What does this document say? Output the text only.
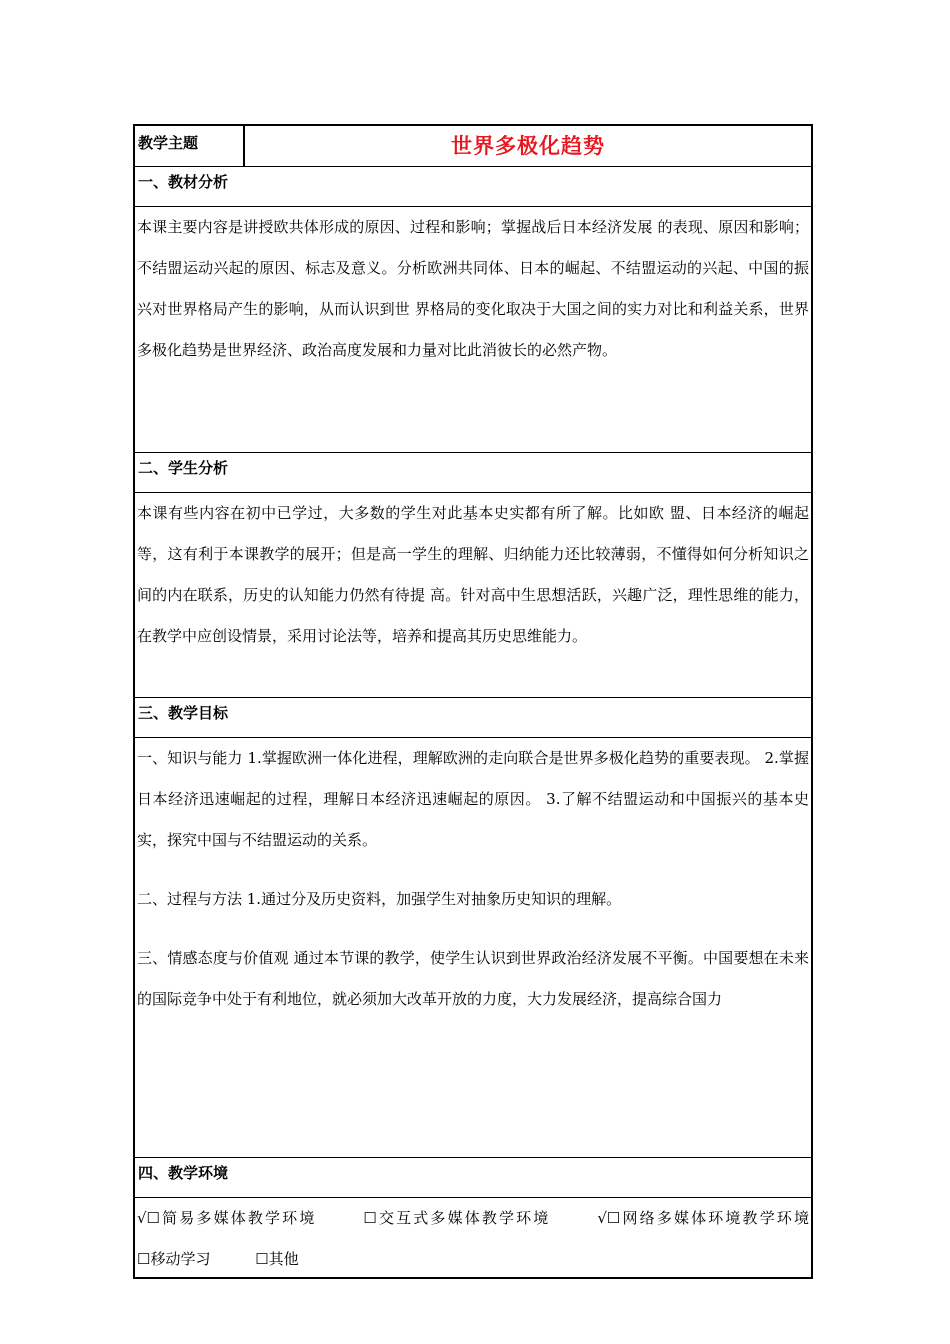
教学主题	世界多极化趋势
一、教材分析

本课主要内容是讲授欧共体形成的原因、过程和影响；掌握战后日本经济发展 的表现、原因和影响；不结盟运动兴起的原因、标志及意义。分析欧洲共同体、日本的崛起、不结盟运动的兴起、中国的振兴对世界格局产生的影响，从而认识到世 界格局的变化取决于大国之间的实力对比和利益关系，世界多极化趋势是世界经济、政治高度发展和力量对比此消彼长的必然产物。

二、学生分析

本课有些内容在初中已学过，大多数的学生对此基本史实都有所了解。比如欧 盟、日本经济的崛起等，这有利于本课教学的展开；但是高一学生的理解、归纳能力还比较薄弱，不懂得如何分析知识之间的内在联系，历史的认知能力仍然有待提 高。针对高中生思想活跃，兴趣广泛，理性思维的能力，在教学中应创设情景，采用讨论法等，培养和提高其历史思维能力。

三、教学目标

一、知识与能力 1.掌握欧洲一体化进程，理解欧洲的走向联合是世界多极化趋势的重要表现。 2.掌握日本经济迅速崛起的过程，理解日本经济迅速崛起的原因。 3.了解不结盟运动和中国振兴的基本史实，探究中国与不结盟运动的关系。

二、过程与方法 1.通过分及历史资料，加强学生对抽象历史知识的理解。

三、情感态度与价值观 通过本节课的教学，使学生认识到世界政治经济发展不平衡。中国要想在未来的国际竞争中处于有利地位，就必须加大改革开放的力度，大力发展经济，提高综合国力

四、教学环境
√☐简易多媒体教学环境	☐交互式多媒体教学环境	√☐网络多媒体环境教学环境 ☐移动学习	☐其他
